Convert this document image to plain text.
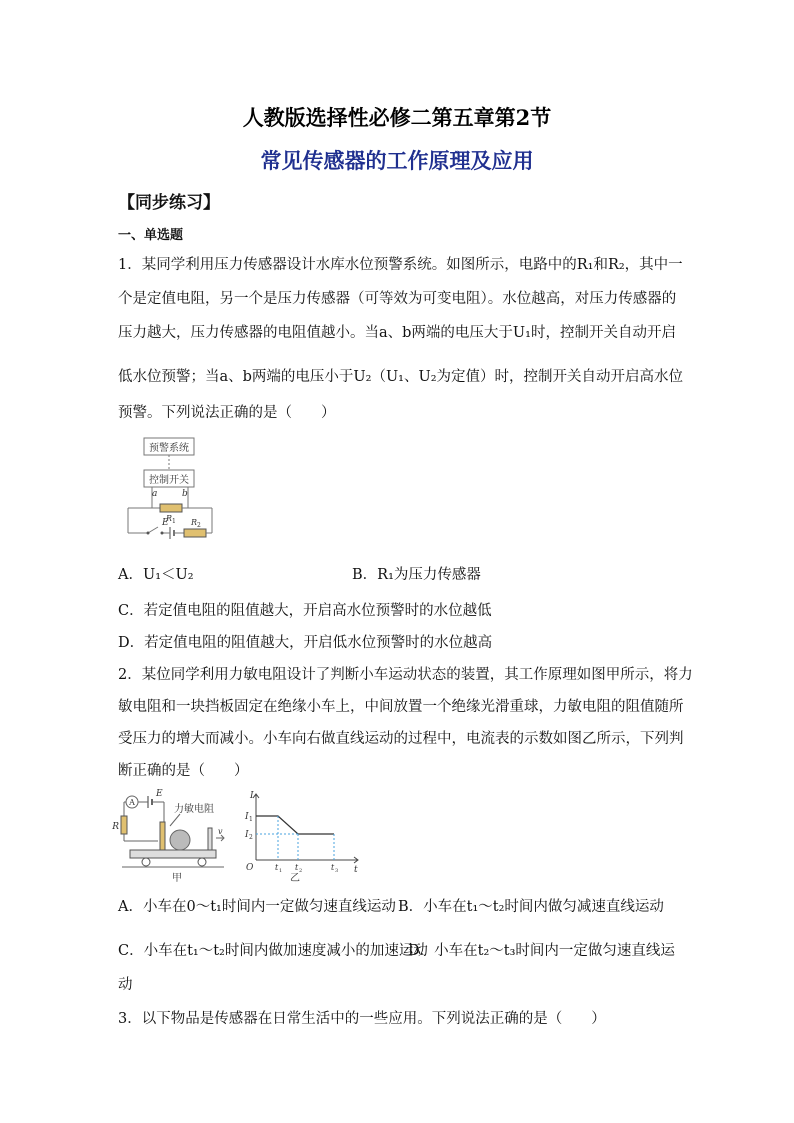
人教版选择性必修二第五章第2节
常见传感器的工作原理及应用
【同步练习】
一、单选题
1．某同学利用压力传感器设计水库水位预警系统。如图所示，电路中的R₁和R₂，其中一
个是定值电阻，另一个是压力传感器（可等效为可变电阻）。水位越高，对压力传感器的
压力越大，压力传感器的电阻值越小。当a、b两端的电压大于U₁时，控制开关自动开启
低水位预警；当a、b两端的电压小于U₂（U₁、U₂为定值）时，控制开关自动开启高水位
预警。下列说法正确的是（　　）
预警系统
控制开关
a	b
R 1 R 2
E
A．U₁＜U₂	B．R₁为压力传感器
C．若定值电阻的阻值越大，开启高水位预警时的水位越低
D．若定值电阻的阻值越大，开启低水位预警时的水位越高
2．某位同学利用力敏电阻设计了判断小车运动状态的装置，其工作原理如图甲所示，将力
敏电阻和一块挡板固定在绝缘小车上，中间放置一个绝缘光滑重球，力敏电阻的阻值随所
受压力的增大而减小。小车向右做直线运动的过程中，电流表的示数如图乙所示，下列判
断正确的是（　　）
A
E
力敏电阻
R	v
甲
I
t
O
I 1
I 2
t 1 t 2	t 3
乙
A．小车在0～t₁时间内一定做匀速直线运动 B．小车在t₁～t₂时间内做匀减速直线运动
C．小车在t₁～t₂时间内做加速度减小的加速运动
D．小车在t₂～t₃时间内一定做匀速直线运
动
3．以下物品是传感器在日常生活中的一些应用。下列说法正确的是（　　）
